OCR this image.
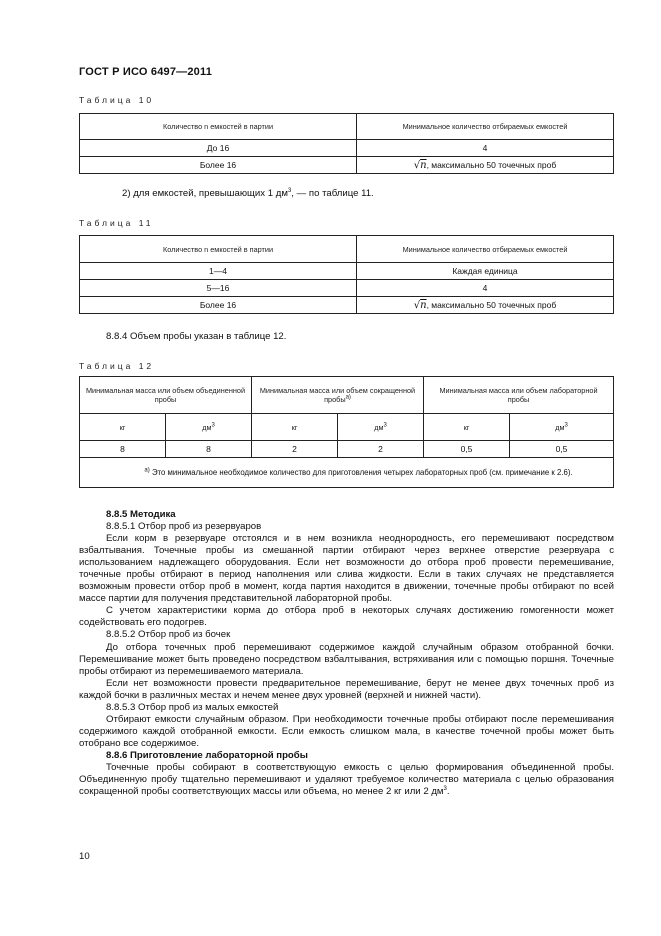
ГОСТ Р ИСО 6497—2011
Таблица 10
Количество n емкостей в партии	Минимальное количество отбираемых емкостей
До 16	4
Более 16	√n, максимально 50 точечных проб
2) для емкостей, превышающих 1 $дм^3$, — по таблице 11.
Таблица 11
Количество n емкостей в партии	Минимальное количество отбираемых емкостей
1—4	Каждая единица
5—16	4
Более 16	√n, максимально 50 точечных проб
8.8.4 Объем пробы указан в таблице 12.
Таблица 12
Минимальная масса или объем объединенной пробы		Минимальная масса или объем сокращенной пробы$^{а)}$		Минимальная масса или объем лабораторной пробы	
кг	$дм^3$	кг	$дм^3$	кг	$дм^3$
8	8	2	2	0,5	0,5
$^{а)}$ Это минимальное необходимое количество для приготовления четырех лабораторных проб (см. примечание к 2.6).					

8.8.5 Методика

8.8.5.1 Отбор проб из резервуаров

Если корм в резервуаре отстоялся и в нем возникла неоднородность, его перемешивают посредством взбалтывания. Точечные пробы из смешанной партии отбирают через верхнее отверстие резервуара с использованием надлежащего оборудования. Если нет возможности до отбора проб провести перемешивание, точечные пробы отбирают в период наполнения или слива жидкости. Если в таких случаях не представляется возможным провести отбор проб в момент, когда партия находится в движении, точечные пробы отбирают по всей массе партии для получения представительной лабораторной пробы.

С учетом характеристики корма до отбора проб в некоторых случаях достижению гомогенности может содействовать его подогрев.

8.8.5.2 Отбор проб из бочек

До отбора точечных проб перемешивают содержимое каждой случайным образом отобранной бочки. Перемешивание может быть проведено посредством взбалтывания, встряхивания или с помощью поршня. Точечные пробы отбирают из перемешиваемого материала.

Если нет возможности провести предварительное перемешивание, берут не менее двух точечных проб из каждой бочки в различных местах и нечем менее двух уровней (верхней и нижней части).

8.8.5.3 Отбор проб из малых емкостей

Отбирают емкости случайным образом. При необходимости точечные пробы отбирают после перемешивания содержимого каждой отобранной емкости. Если емкость слишком мала, в качестве точечной пробы может быть отобрано все содержимое.

8.8.6 Приготовление лабораторной пробы

Точечные пробы собирают в соответствующую емкость с целью формирования объединенной пробы. Объединенную пробу тщательно перемешивают и удаляют требуемое количество материала с целью образования сокращенной пробы соответствующих массы или объема, но менее 2 кг или 2 $дм^3$.

10
